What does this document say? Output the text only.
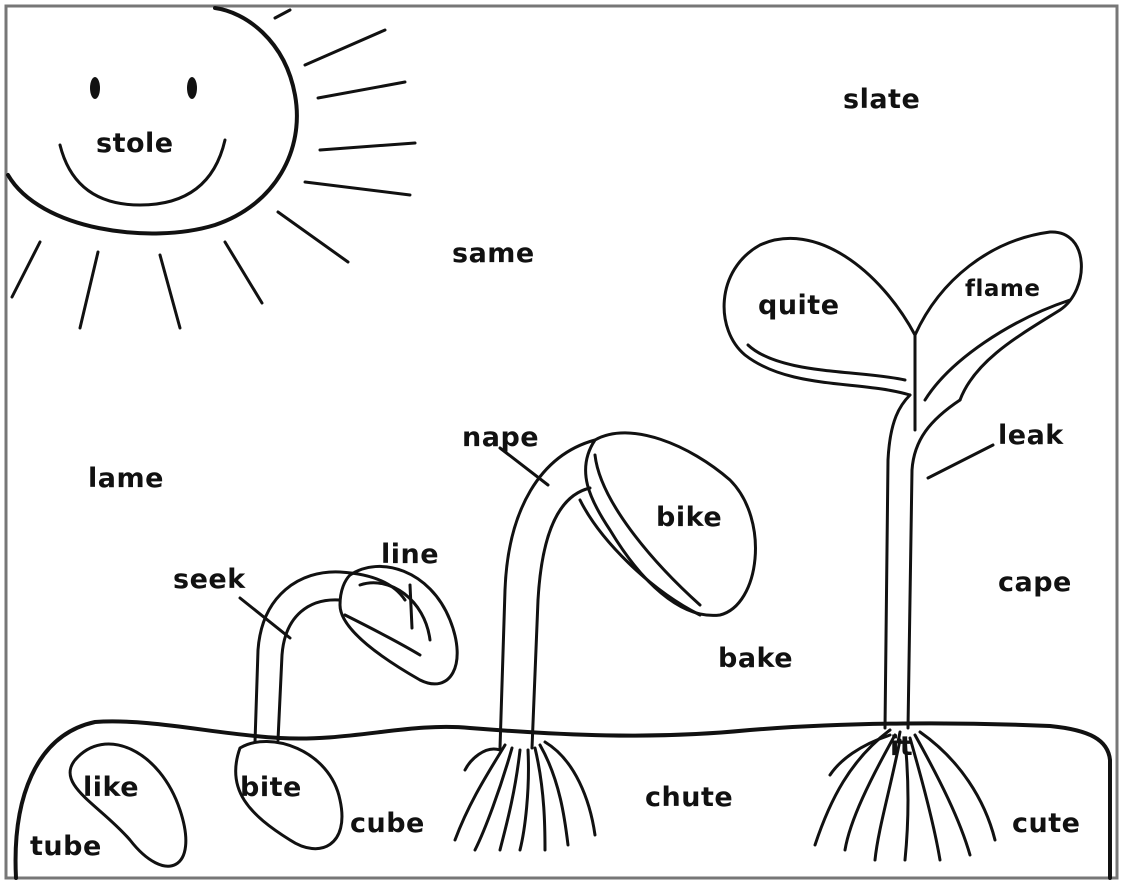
stole
slate
same
quite
flame
lame
nape	leak
bike
seek
line
cape
bake
like	bite
it
chute
tube
cube	cute
